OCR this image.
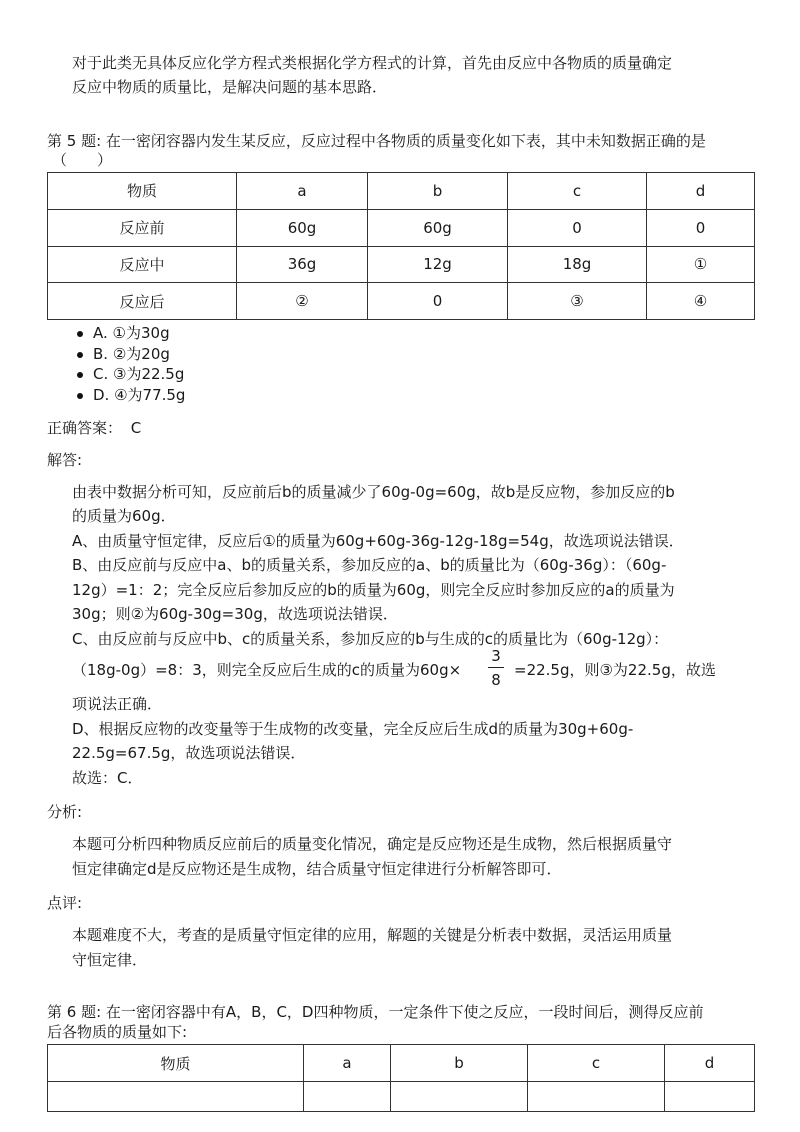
对于此类无具体反应化学方程式类根据化学方程式的计算，首先由反应中各物质的质量确定
反应中物质的质量比，是解决问题的基本思路．
第 5 题: 在一密闭容器内发生某反应，反应过程中各物质的质量变化如下表，其中未知数据正确的是
（　　）
物质	a	b	c	d
反应前	60g	60g	0	0
反应中	36g	12g	18g	①
反应后	②	0	③	④
A. ①为30g
B. ②为20g
C. ③为22.5g
D. ④为77.5g
正确答案： C
解答:
由表中数据分析可知，反应前后b的质量减少了60g-0g=60g，故b是反应物，参加反应的b
的质量为60g．
A、由质量守恒定律，反应后①的质量为60g+60g-36g-12g-18g=54g，故选项说法错误．
B、由反应前与反应中a、b的质量关系，参加反应的a、b的质量比为（60g-36g）：（60g-
12g）=1：2；完全反应后参加反应的b的质量为60g，则完全反应时参加反应的a的质量为
30g；则②为60g-30g=30g，故选项说法错误．
C、由反应前与反应中b、c的质量关系，参加反应的b与生成的c的质量比为（60g-12g）：
（18g-0g）=8：3，则完全反应后生成的c的质量为60g×
3
8
=22.5g，则③为22.5g，故选
项说法正确．
D、根据反应物的改变量等于生成物的改变量，完全反应后生成d的质量为30g+60g-
22.5g=67.5g，故选项说法错误．
故选：C．
分析:
本题可分析四种物质反应前后的质量变化情况，确定是反应物还是生成物，然后根据质量守
恒定律确定d是反应物还是生成物，结合质量守恒定律进行分析解答即可．
点评:
本题难度不大，考查的是质量守恒定律的应用，解题的关键是分析表中数据，灵活运用质量
守恒定律．
第 6 题: 在一密闭容器中有A，B，C，D四种物质，一定条件下使之反应，一段时间后，测得反应前
后各物质的质量如下:
物质	a	b	c	d
